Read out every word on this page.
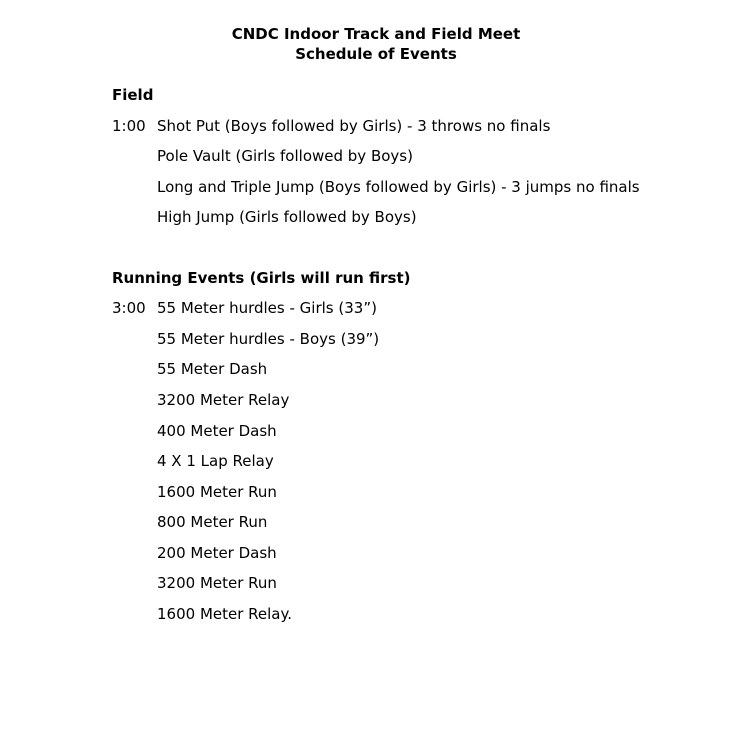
CNDC Indoor Track and Field Meet
Schedule of Events
Field
1:00 Shot Put (Boys followed by Girls) - 3 throws no finals
Pole Vault (Girls followed by Boys)
Long and Triple Jump (Boys followed by Girls) - 3 jumps no finals
High Jump (Girls followed by Boys)
Running Events (Girls will run first)
3:00 55 Meter hurdles - Girls (33”)
55 Meter hurdles - Boys (39”)
55 Meter Dash
3200 Meter Relay
400 Meter Dash
4 X 1 Lap Relay
1600 Meter Run
800 Meter Run
200 Meter Dash
3200 Meter Run
1600 Meter Relay.
